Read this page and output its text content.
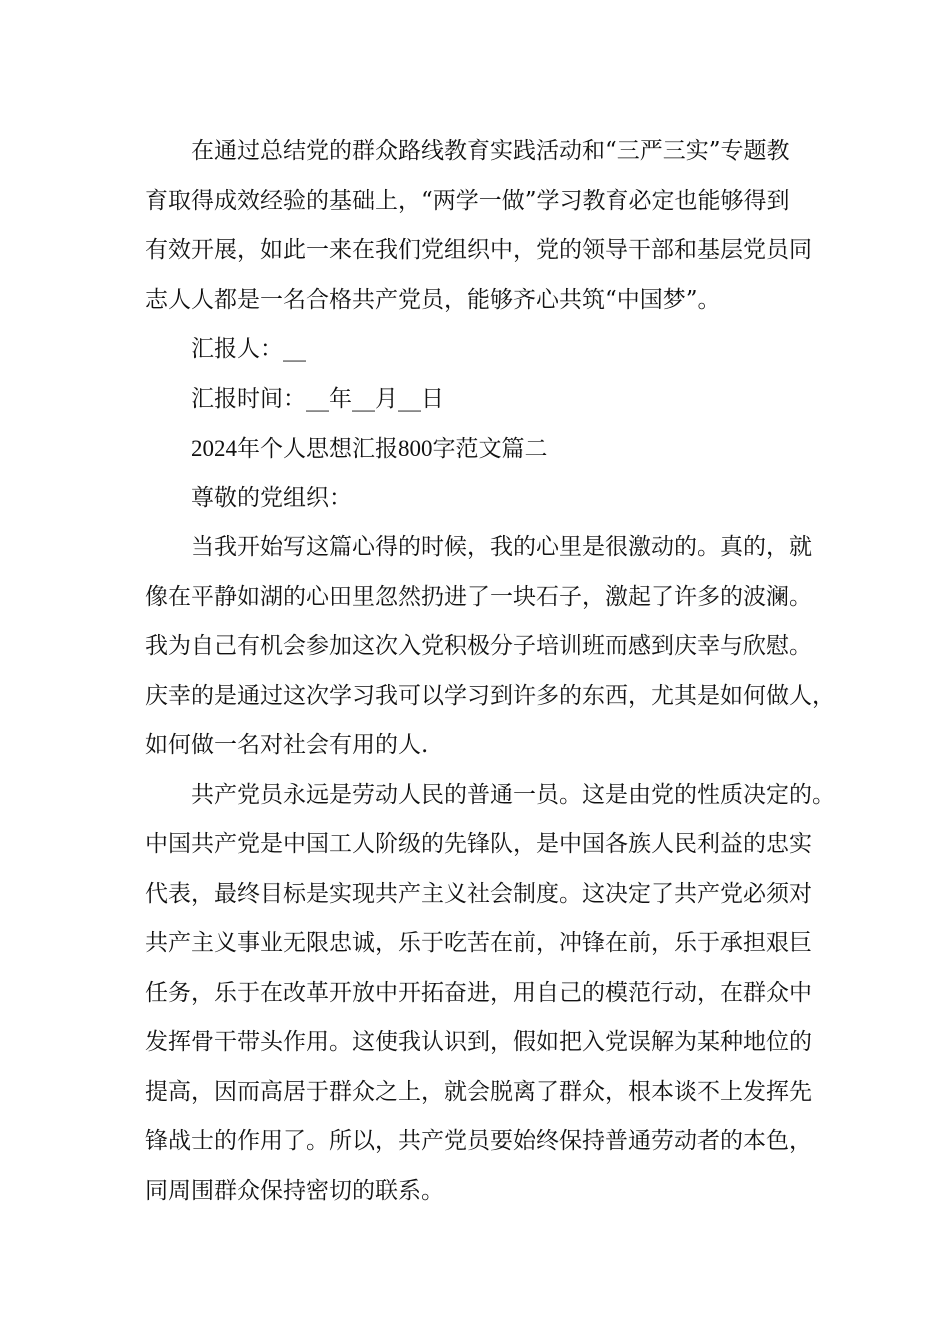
在通过总结党的群众路线教育实践活动和“三严三实”专题教
育取得成效经验的基础上，“两学一做”学习教育必定也能够得到
有效开展，如此一来在我们党组织中，党的领导干部和基层党员同
志人人都是一名合格共产党员，能够齐心共筑“中国梦”。
汇报人：__
汇报时间：__年__月__日
2024年个人思想汇报800字范文篇二
尊敬的党组织：
当我开始写这篇心得的时候，我的心里是很激动的。真的，就
像在平静如湖的心田里忽然扔进了一块石子，激起了许多的波澜。
我为自己有机会参加这次入党积极分子培训班而感到庆幸与欣慰。
庆幸的是通过这次学习我可以学习到许多的东西，尤其是如何做人，
如何做一名对社会有用的人.
共产党员永远是劳动人民的普通一员。这是由党的性质决定的。
中国共产党是中国工人阶级的先锋队，是中国各族人民利益的忠实
代表，最终目标是实现共产主义社会制度。这决定了共产党必须对
共产主义事业无限忠诚，乐于吃苦在前，冲锋在前，乐于承担艰巨
任务，乐于在改革开放中开拓奋进，用自己的模范行动，在群众中
发挥骨干带头作用。这使我认识到，假如把入党误解为某种地位的
提高，因而高居于群众之上，就会脱离了群众，根本谈不上发挥先
锋战士的作用了。所以，共产党员要始终保持普通劳动者的本色，
同周围群众保持密切的联系。
